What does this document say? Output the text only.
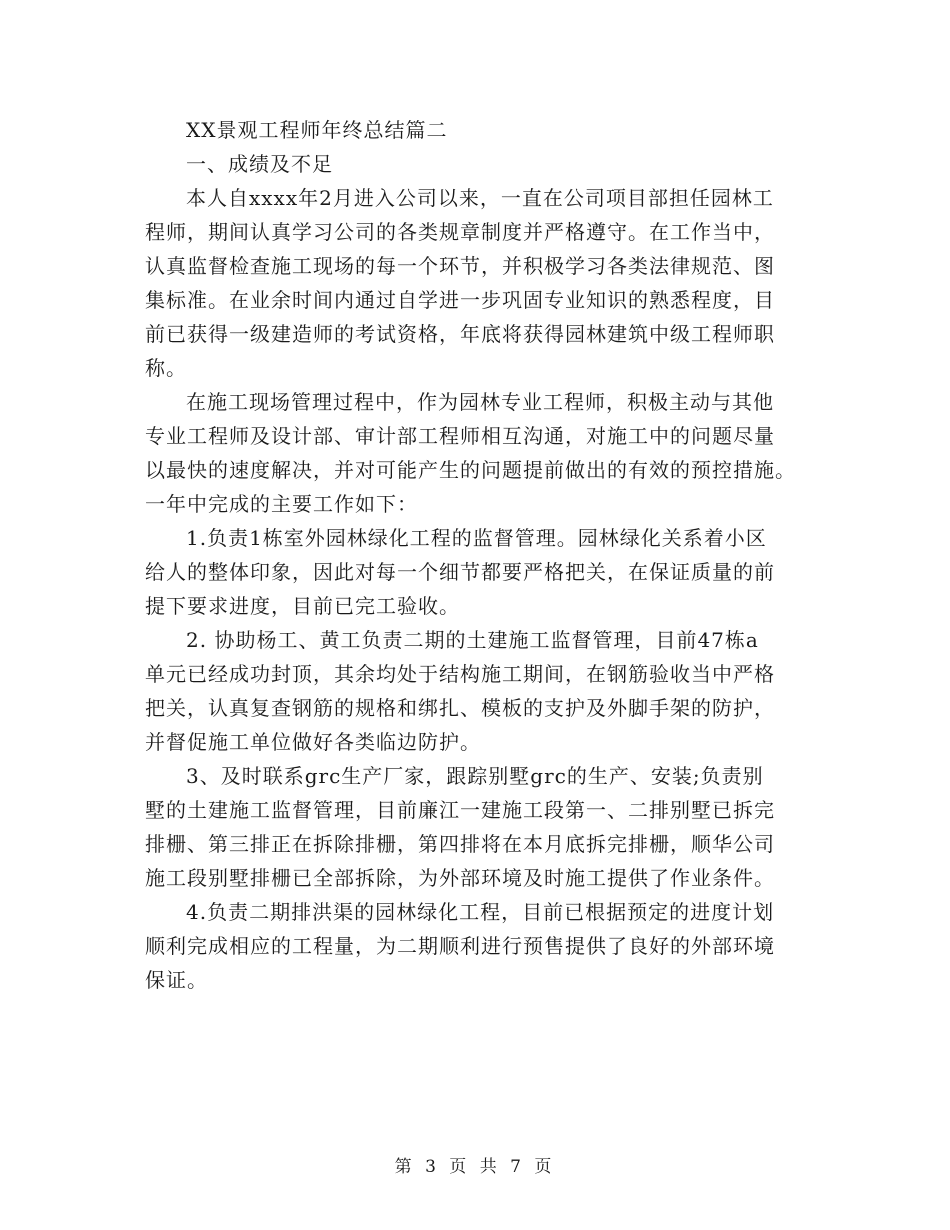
XX景观工程师年终总结篇二
一、成绩及不足
本人自xxxx年2月进入公司以来，一直在公司项目部担任园林工
程师，期间认真学习公司的各类规章制度并严格遵守。在工作当中，
认真监督检查施工现场的每一个环节，并积极学习各类法律规范、图
集标准。在业余时间内通过自学进一步巩固专业知识的熟悉程度，目
前已获得一级建造师的考试资格，年底将获得园林建筑中级工程师职
称。
在施工现场管理过程中，作为园林专业工程师，积极主动与其他
专业工程师及设计部、审计部工程师相互沟通，对施工中的问题尽量
以最快的速度解决，并对可能产生的问题提前做出的有效的预控措施。
一年中完成的主要工作如下：
1.负责1栋室外园林绿化工程的监督管理。园林绿化关系着小区
给人的整体印象，因此对每一个细节都要严格把关，在保证质量的前
提下要求进度，目前已完工验收。
2. 协助杨工、黄工负责二期的土建施工监督管理，目前47栋a
单元已经成功封顶，其余均处于结构施工期间，在钢筋验收当中严格
把关，认真复查钢筋的规格和绑扎、模板的支护及外脚手架的防护，
并督促施工单位做好各类临边防护。
3、及时联系grc生产厂家，跟踪别墅grc的生产、安装;负责别
墅的土建施工监督管理，目前廉江一建施工段第一、二排别墅已拆完
排栅、第三排正在拆除排栅，第四排将在本月底拆完排栅，顺华公司
施工段别墅排栅已全部拆除，为外部环境及时施工提供了作业条件。
4.负责二期排洪渠的园林绿化工程，目前已根据预定的进度计划
顺利完成相应的工程量，为二期顺利进行预售提供了良好的外部环境
保证。
第 3 页 共 7 页
